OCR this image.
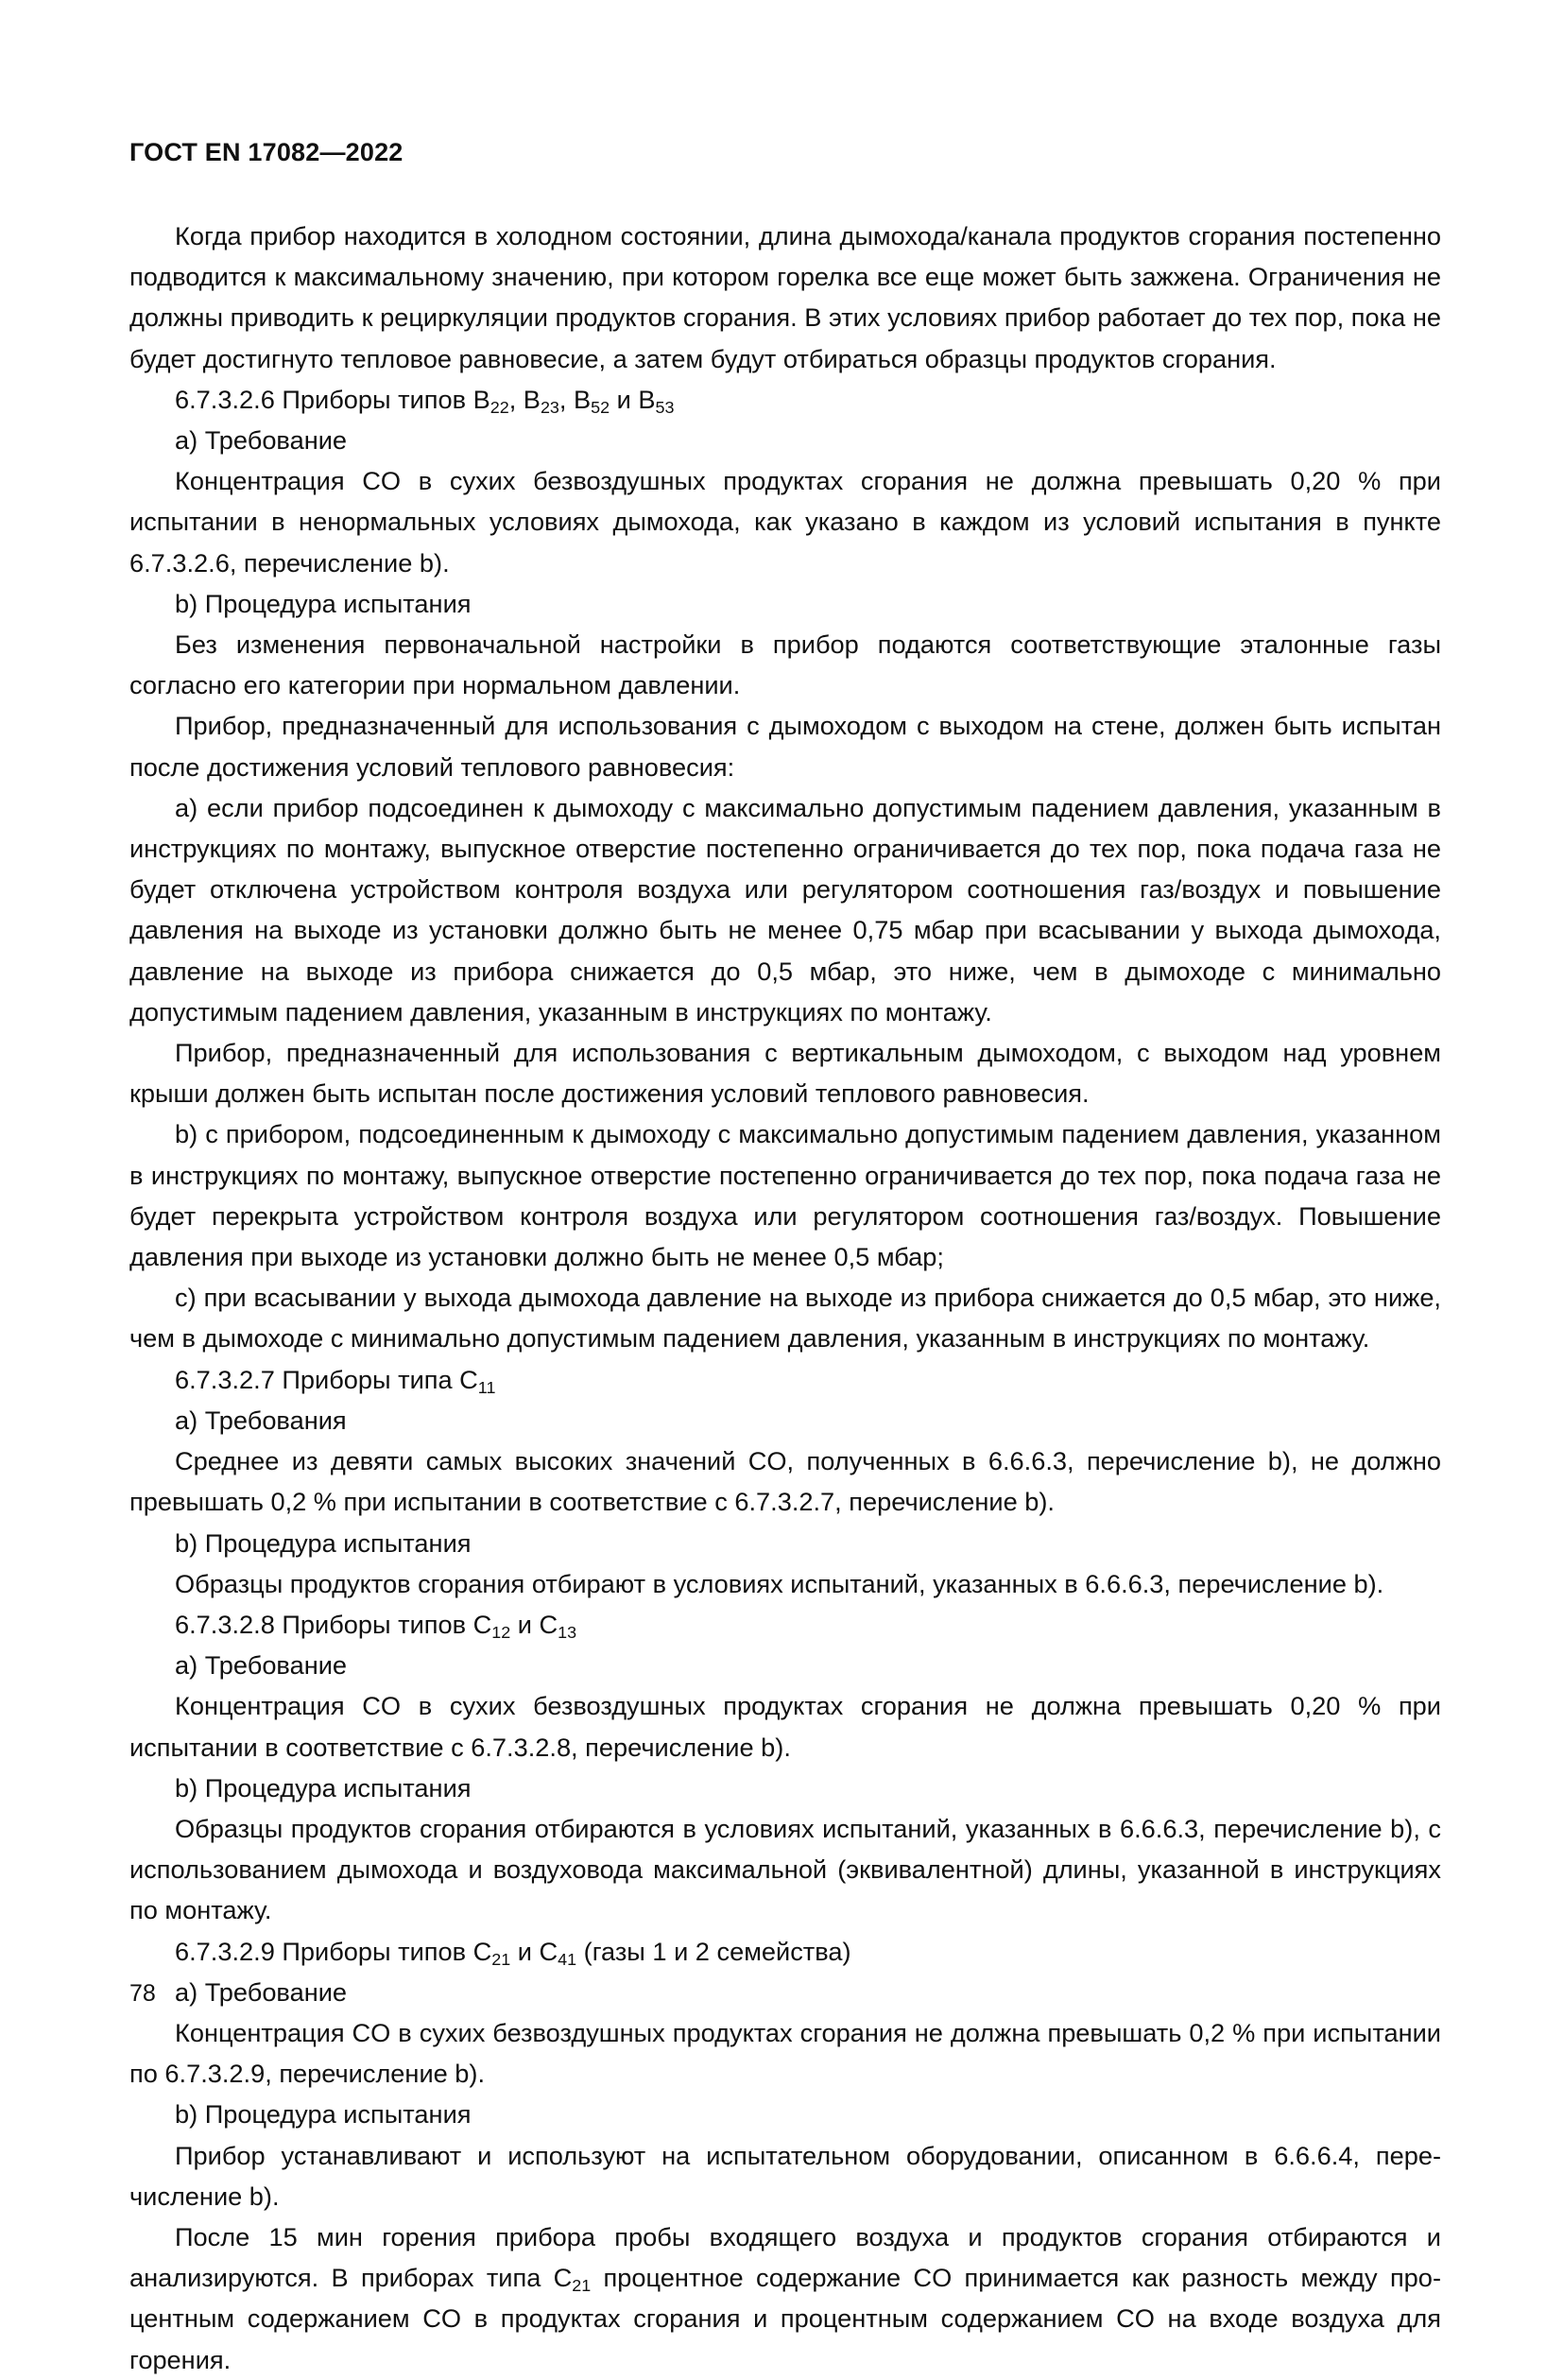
ГОСТ EN 17082—2022

Когда прибор находится в холодном состоянии, длина дымохода/канала продуктов сгорания постепенно подводится к максимальному значению, при котором горелка все еще может быть зажжена. Ограничения не должны приводить к рециркуляции продуктов сгорания. В этих условиях прибор работает до тех пор, пока не будет достигнуто тепловое равновесие, а затем будут отбираться образцы продуктов сгорания.

6.7.3.2.6 Приборы типов $B_{22}$, $B_{23}$, $B_{52}$ и $B_{53}$

a) Требование

Концентрация CO в сухих безвоздушных продуктах сгорания не должна превышать 0,20 % при испытании в ненормальных условиях дымохода, как указано в каждом из условий испытания в пункте 6.7.3.2.6, перечисление b).

b) Процедура испытания

Без изменения первоначальной настройки в прибор подаются соответствующие эталонные газы согласно его категории при нормальном давлении.

Прибор, предназначенный для использования с дымоходом с выходом на стене, должен быть испытан после достижения условий теплового равновесия:

a) если прибор подсоединен к дымоходу с максимально допустимым падением давления, указанным в инструкциях по монтажу, выпускное отверстие постепенно ограничивается до тех пор, пока подача газа не будет отключена устройством контроля воздуха или регулятором соотношения газ/воздух и повышение давления на выходе из установки должно быть не менее 0,75 мбар при всасывании у выхода дымохода, давление на выходе из прибора снижается до 0,5 мбар, это ниже, чем в дымоходе с минимально допустимым падением давления, указанным в инструкциях по монтажу.

Прибор, предназначенный для использования с вертикальным дымоходом, с выходом над уровнем крыши должен быть испытан после достижения условий теплового равновесия.

b) с прибором, подсоединенным к дымоходу с максимально допустимым падением давления, указанном в инструкциях по монтажу, выпускное отверстие постепенно ограничивается до тех пор, пока подача газа не будет перекрыта устройством контроля воздуха или регулятором соотношения газ/воздух. Повышение давления при выходе из установки должно быть не менее 0,5 мбар;

c) при всасывании у выхода дымохода давление на выходе из прибора снижается до 0,5 мбар, это ниже, чем в дымоходе с минимально допустимым падением давления, указанным в инструкциях по монтажу.

6.7.3.2.7 Приборы типа $C_{11}$

a) Требования

Среднее из девяти самых высоких значений CO, полученных в 6.6.6.3, перечисление b), не должно превышать 0,2 % при испытании в соответствие с 6.7.3.2.7, перечисление b).

b) Процедура испытания

Образцы продуктов сгорания отбирают в условиях испытаний, указанных в 6.6.6.3, перечисление b).

6.7.3.2.8 Приборы типов $C_{12}$ и $C_{13}$

a) Требование

Концентрация CO в сухих безвоздушных продуктах сгорания не должна превышать 0,20 % при испытании в соответствие с 6.7.3.2.8, перечисление b).

b) Процедура испытания

Образцы продуктов сгорания отбираются в условиях испытаний, указанных в 6.6.6.3, перечисление b), с использованием дымохода и воздуховода максимальной (эквивалентной) длины, указанной в инструкциях по монтажу.

6.7.3.2.9 Приборы типов $C_{21}$ и $C_{41}$ (газы 1 и 2 семейства)

a) Требование

Концентрация CO в сухих безвоздушных продуктах сгорания не должна превышать 0,2 % при испытании по 6.7.3.2.9, перечисление b).

b) Процедура испытания

Прибор устанавливают и используют на испытательном оборудовании, описанном в 6.6.6.4, перечисление b).

После 15 мин горения прибора пробы входящего воздуха и продуктов сгорания отбираются и анализируются. В приборах типа $C_{21}$ процентное содержание CO принимается как разность между процентным содержанием CO в продуктах сгорания и процентным содержанием CO на входе воздуха для горения.

78
